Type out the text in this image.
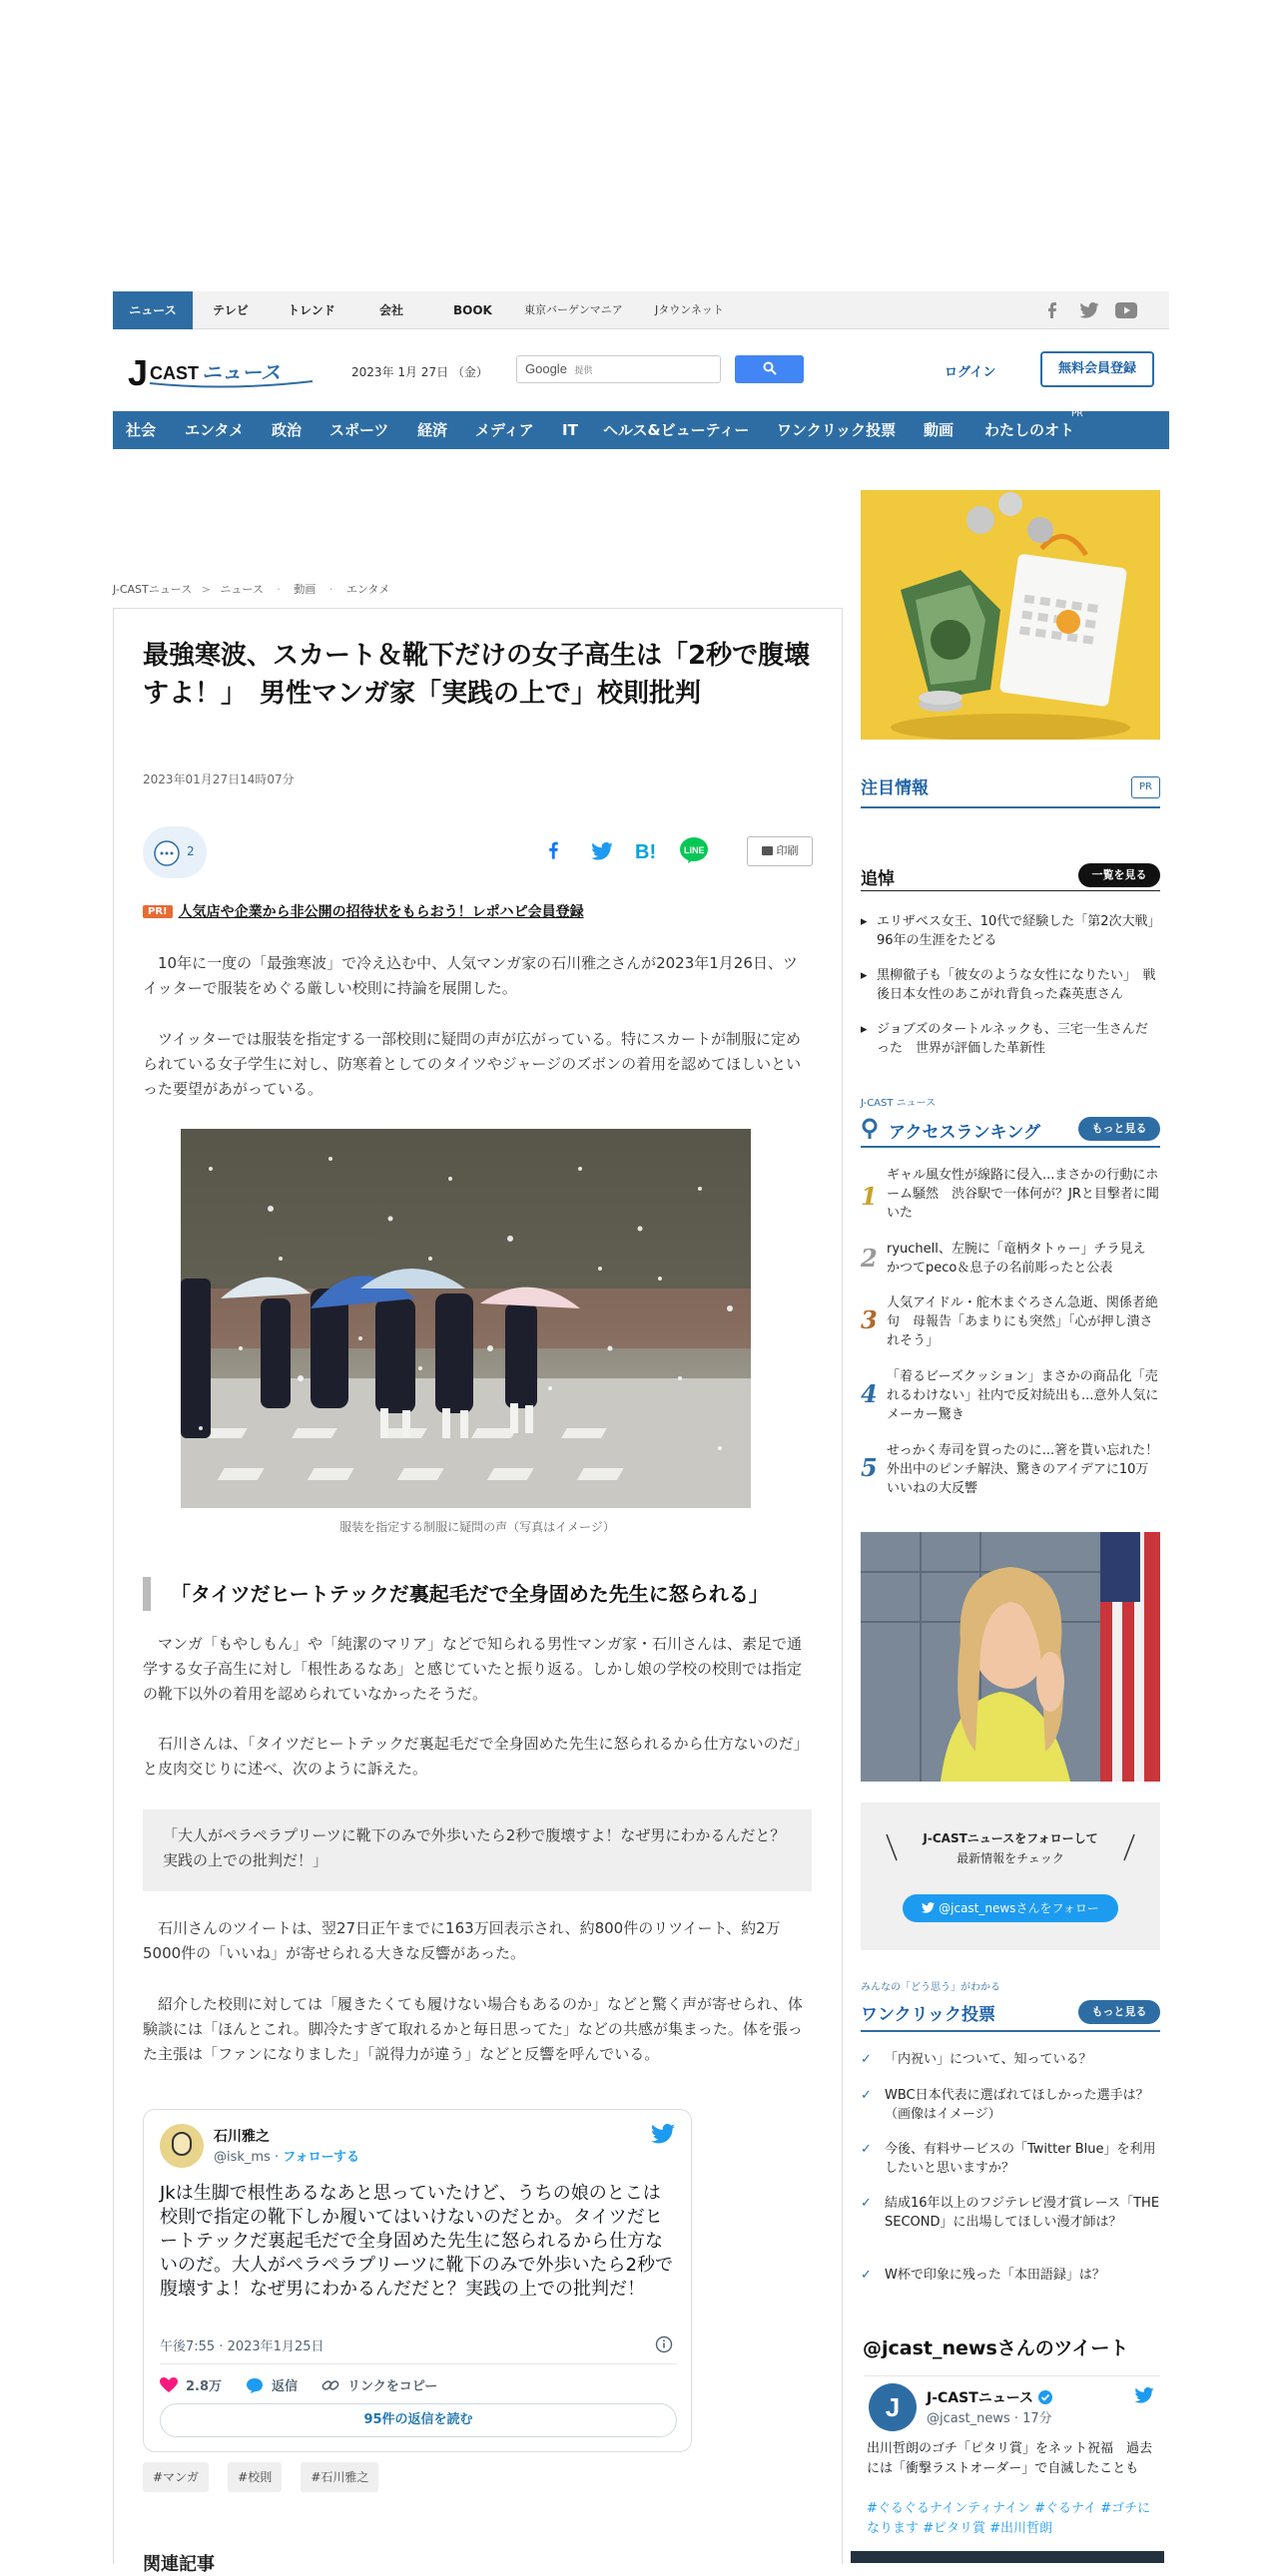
ニュース	テレビ	トレンド	会社	BOOK	東京バーゲンマニア	Jタウンネット
J CAST ニュース	2023年 1月 27日 （金）	Google 提供	ログイン	無料会員登録
社会 エンタメ 政治 スポーツ 経済 メディア IT ヘルス&ビューティー ワンクリック投票 動画 わたしのオト
PR
J-CASTニュース > ニュース · 動画 · エンタメ
最強寒波、スカート＆靴下だけの女子高生は「2秒で腹壊すよ！」　男性マンガ家「実践の上で」校則批判
2023年01月27日14時07分
2	B!	LINE	印刷
PR! 人気店や企業から非公開の招待状をもらおう！レポハピ会員登録

10年に一度の「最強寒波」で冷え込む中、人気マンガ家の石川雅之さんが2023年1月26日、ツイッターで服装をめぐる厳しい校則に持論を展開した。

ツイッターでは服装を指定する一部校則に疑問の声が広がっている。特にスカートが制服に定められている女子学生に対し、防寒着としてのタイツやジャージのズボンの着用を認めてほしいといった要望があがっている。

服装を指定する制服に疑問の声（写真はイメージ）
「タイツだヒートテックだ裏起毛だで全身固めた先生に怒られる」

マンガ「もやしもん」や「純潔のマリア」などで知られる男性マンガ家・石川さんは、素足で通学する女子高生に対し「根性あるなあ」と感じていたと振り返る。しかし娘の学校の校則では指定の靴下以外の着用を認められていなかったそうだ。

石川さんは、「タイツだヒートテックだ裏起毛だで全身固めた先生に怒られるから仕方ないのだ」と皮肉交じりに述べ、次のように訴えた。

「大人がペラペラプリーツに靴下のみで外歩いたら2秒で腹壊すよ！なぜ男にわかるんだと？実践の上での批判だ！」

石川さんのツイートは、翌27日正午までに163万回表示され、約800件のリツイート、約2万5000件の「いいね」が寄せられる大きな反響があった。

紹介した校則に対しては「履きたくても履けない場合もあるのか」などと驚く声が寄せられ、体験談には「ほんとこれ。脚冷たすぎて取れるかと毎日思ってた」などの共感が集まった。体を張った主張は「ファンになりました」「説得力が違う」などと反響を呼んでいる。

石川雅之
@isk_ms · フォローする
Jkは生脚で根性あるなあと思っていたけど、うちの娘のとこは校則で指定の靴下しか履いてはいけないのだとか。タイツだヒートテックだ裏起毛だで全身固めた先生に怒られるから仕方ないのだ。大人がペラペラプリーツに靴下のみで外歩いたら2秒で腹壊すよ！なぜ男にわかるんだだと？実践の上での批判だ！
午後7:55 · 2023年1月25日
2.8万	返信	リンクをコピー
95件の返信を読む
#マンガ	#校則	#石川雅之
関連記事
注目情報	PR
追悼	一覧を見る
▸ エリザベス女王、10代で経験した「第2次大戦」　96年の生涯をたどる
▸ 黒柳徹子も「彼女のような女性になりたい」　戦後日本女性のあこがれ背負った森英恵さん
▸ ジョブズのタートルネックも、三宅一生さんだった　世界が評価した革新性
J-CAST ニュース
アクセスランキング	もっと見る
1
ギャル風女性が線路に侵入...まさかの行動にホーム騒然　渋谷駅で一体何が？JRと目撃者に聞いた
2 ryuchell、左腕に「竜柄タトゥー」チラ見え　かつてpeco＆息子の名前彫ったと公表
3
人気アイドル・舵木まぐろさん急逝、関係者絶句　母報告「あまりにも突然」「心が押し潰されそう」
4
「着るビーズクッション」まさかの商品化「売れるわけない」社内で反対続出も...意外人気にメーカー驚き
5
せっかく寿司を買ったのに...箸を貰い忘れた！　外出中のピンチ解決、驚きのアイデアに10万いいねの大反響
J-CASTニュースをフォローして
最新情報をチェック
@jcast_newsさんをフォロー
みんなの「どう思う」がわかる
ワンクリック投票	もっと見る
✓ 「内祝い」について、知っている？
✓ WBC日本代表に選ばれてほしかった選手は？（画像はイメージ）
✓ 今後、有料サービスの「Twitter Blue」を利用したいと思いますか？
✓ 結成16年以上のフジテレビ漫才賞レース「THE SECOND」に出場してほしい漫才師は？
✓ W杯で印象に残った「本田語録」は？
@jcast_newsさんのツイート
J	J-CASTニュース
@jcast_news · 17分
出川哲朗のゴチ「ピタリ賞」をネット祝福　過去には「衝撃ラストオーダー」で自滅したことも
#ぐるぐるナインティナイン #ぐるナイ #ゴチになります #ピタリ賞 #出川哲朗
